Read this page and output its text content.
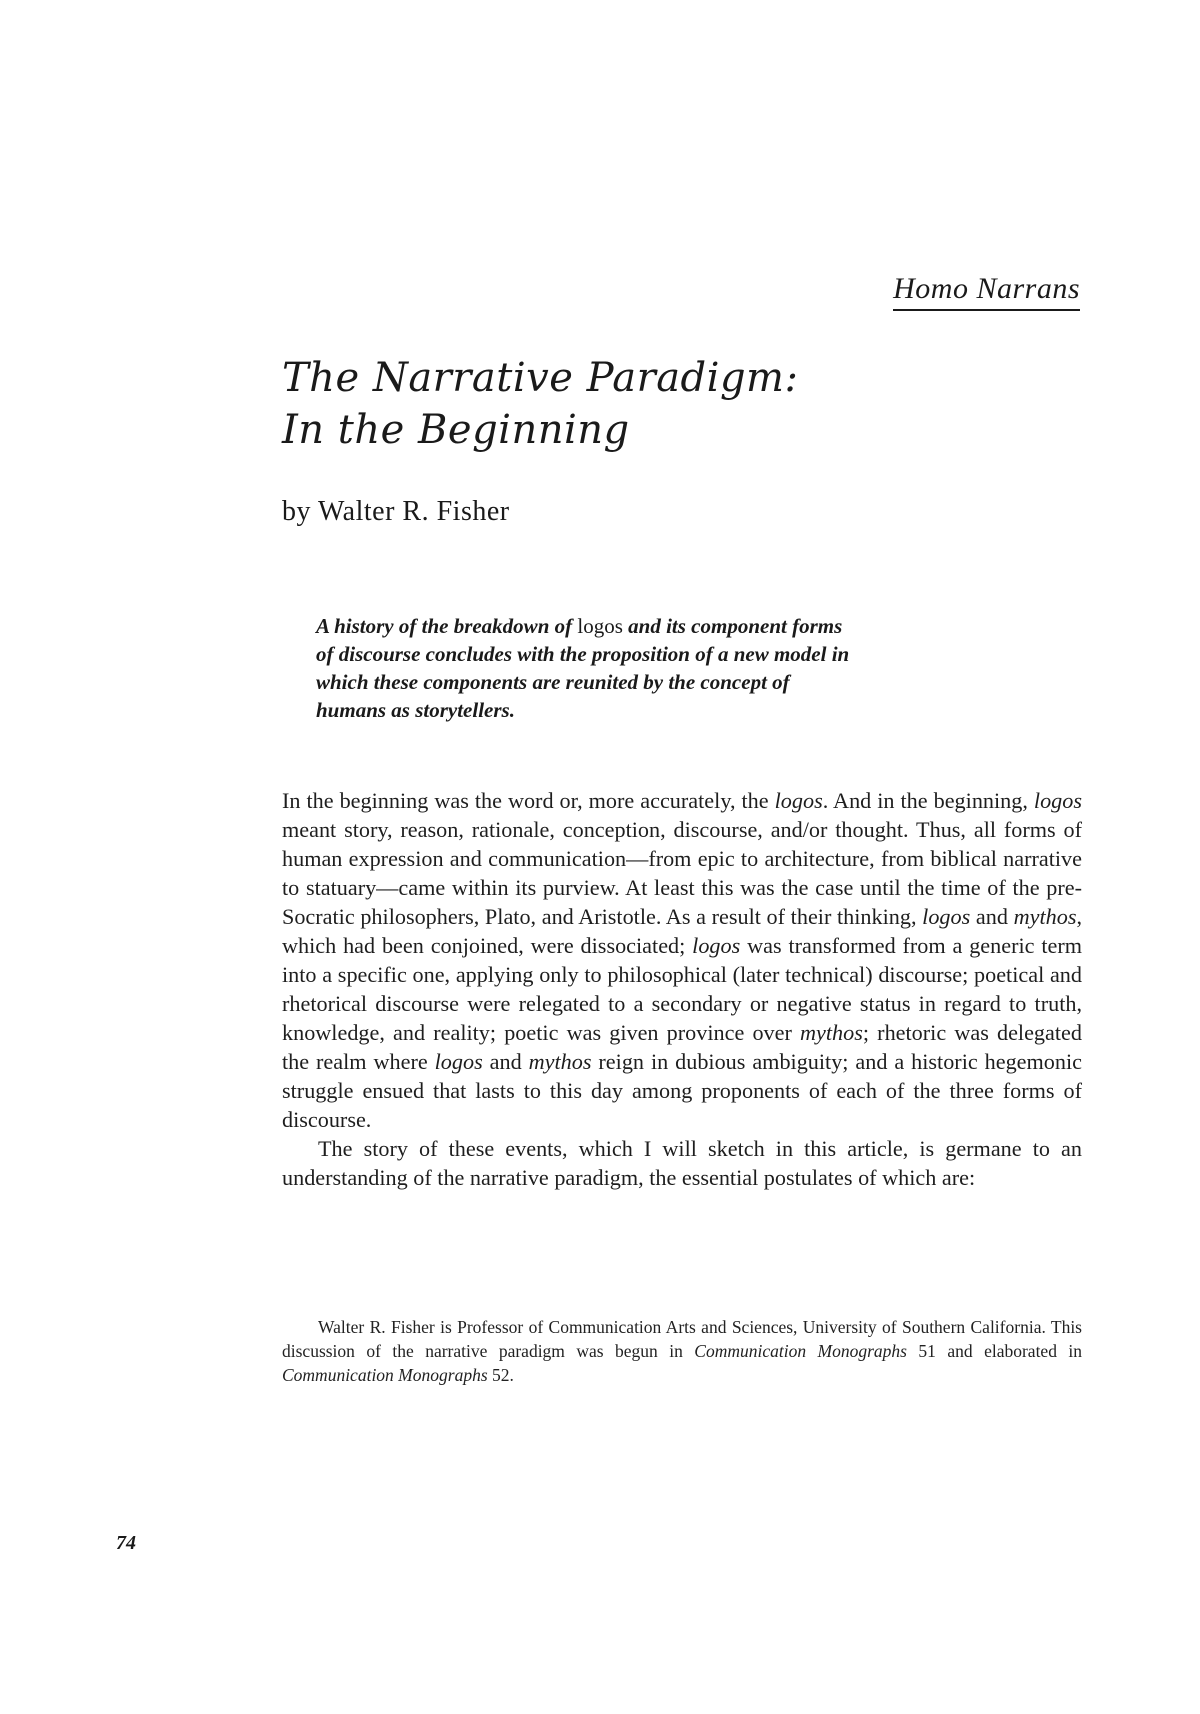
Homo Narrans
The Narrative Paradigm:
In the Beginning
by Walter R. Fisher

A history of the breakdown of logos and its component forms of discourse concludes with the proposition of a new model in which these components are reunited by the concept of humans as storytellers.

In the beginning was the word or, more accurately, the logos. And in the beginning, logos meant story, reason, rationale, conception, discourse, and/or thought. Thus, all forms of human expression and communication—from epic to architecture, from biblical narrative to statuary—came within its purview. At least this was the case until the time of the pre-Socratic philosophers, Plato, and Aristotle. As a result of their thinking, logos and mythos, which had been conjoined, were dissociated; logos was transformed from a generic term into a specific one, applying only to philosophical (later technical) discourse; poetical and rhetorical discourse were relegated to a secondary or negative status in regard to truth, knowledge, and reality; poetic was given province over mythos; rhetoric was delegated the realm where logos and mythos reign in dubious ambiguity; and a historic hegemonic struggle ensued that lasts to this day among proponents of each of the three forms of discourse.

The story of these events, which I will sketch in this article, is germane to an understanding of the narrative paradigm, the essential postulates of which are:

Walter R. Fisher is Professor of Communication Arts and Sciences, University of Southern California. This discussion of the narrative paradigm was begun in Communication Monographs 51 and elaborated in Communication Monographs 52.

74
